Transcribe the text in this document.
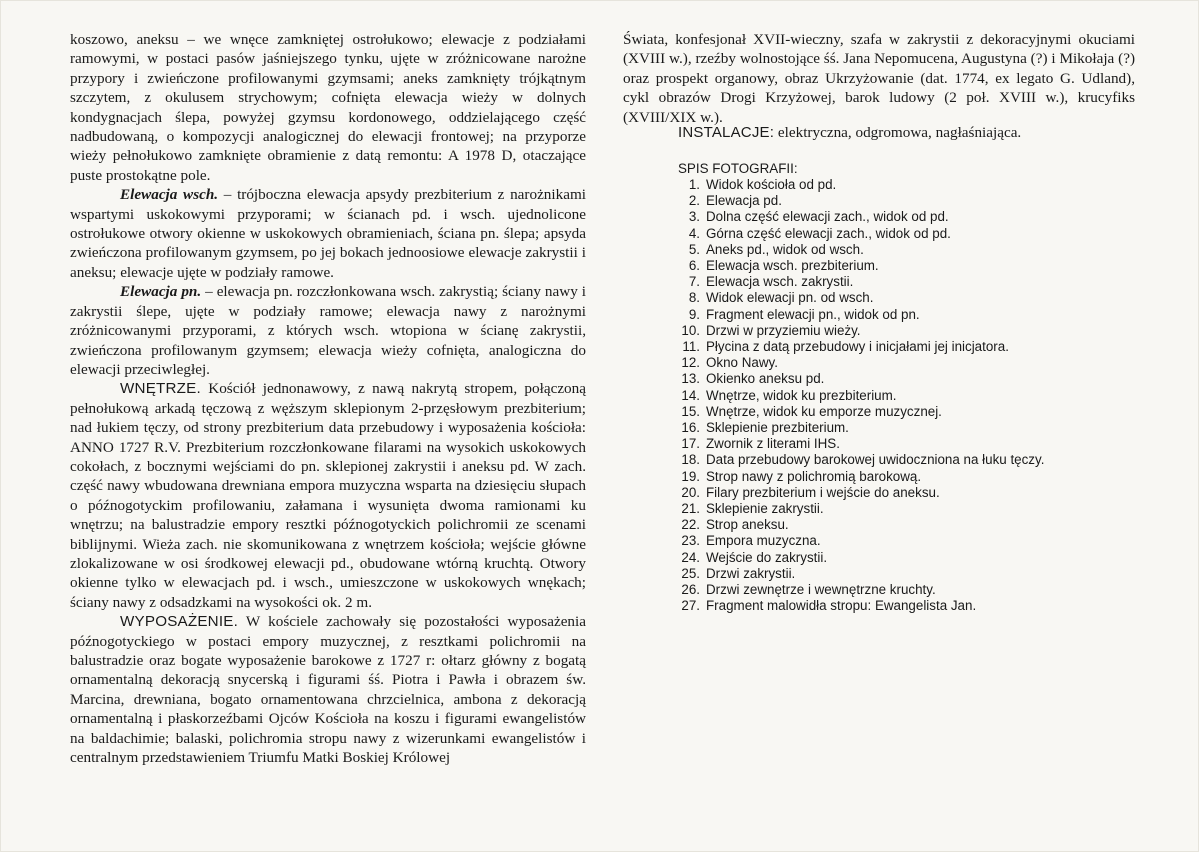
koszowo, aneksu – we wnęce zamkniętej ostrołukowo; elewacje z podziałami ramowymi, w postaci pasów jaśniejszego tynku, ujęte w zróżnicowane narożne przypory i zwieńczone profilowanymi gzymsami; aneks zamknięty trójkątnym szczytem, z okulusem strychowym; cofnięta elewacja wieży w dolnych kondygnacjach ślepa, powyżej gzymsu kordonowego, oddzielającego część nadbudowaną, o kompozycji analogicznej do elewacji frontowej; na przyporze wieży pełnołukowo zamknięte obramienie z datą remontu: A 1978 D, otaczające puste prostokątne pole.

Elewacja wsch. – trójboczna elewacja apsydy prezbiterium z narożnikami wspartymi uskokowymi przyporami; w ścianach pd. i wsch. ujednolicone ostrołukowe otwory okienne w uskokowych obramieniach, ściana pn. ślepa; apsyda zwieńczona profilowanym gzymsem, po jej bokach jednoosiowe elewacje zakrystii i aneksu; elewacje ujęte w podziały ramowe.

Elewacja pn. – elewacja pn. rozczłonkowana wsch. zakrystią; ściany nawy i zakrystii ślepe, ujęte w podziały ramowe; elewacja nawy z narożnymi zróżnicowanymi przyporami, z których wsch. wtopiona w ścianę zakrystii, zwieńczona profilowanym gzymsem; elewacja wieży cofnięta, analogiczna do elewacji przeciwległej.

WNĘTRZE. Kościół jednonawowy, z nawą nakrytą stropem, połączoną pełnołukową arkadą tęczową z węższym sklepionym 2-przęsłowym prezbiterium; nad łukiem tęczy, od strony prezbiterium data przebudowy i wyposażenia kościoła: ANNO 1727 R.V. Prezbiterium rozczłonkowane filarami na wysokich uskokowych cokołach, z bocznymi wejściami do pn. sklepionej zakrystii i aneksu pd. W zach. część nawy wbudowana drewniana empora muzyczna wsparta na dziesięciu słupach o późnogotyckim profilowaniu, załamana i wysunięta dwoma ramionami ku wnętrzu; na balustradzie empory resztki późnogotyckich polichromii ze scenami biblijnymi. Wieża zach. nie skomunikowana z wnętrzem kościoła; wejście główne zlokalizowane w osi środkowej elewacji pd., obudowane wtórną kruchtą. Otwory okienne tylko w elewacjach pd. i wsch., umieszczone w uskokowych wnękach; ściany nawy z odsadzkami na wysokości ok. 2 m.

WYPOSAŻENIE. W kościele zachowały się pozostałości wyposażenia późnogotyckiego w postaci empory muzycznej, z resztkami polichromii na balustradzie oraz bogate wyposażenie barokowe z 1727 r: ołtarz główny z bogatą ornamentalną dekoracją snycerską i figurami śś. Piotra i Pawła i obrazem św. Marcina, drewniana, bogato ornamentowana chrzcielnica, ambona z dekoracją ornamentalną i płaskorzeźbami Ojców Kościoła na koszu i figurami ewangelistów na baldachimie; balaski, polichromia stropu nawy z wizerunkami ewangelistów i centralnym przedstawieniem Triumfu Matki Boskiej Królowej

Świata, konfesjonał XVII-wieczny, szafa w zakrystii z dekoracyjnymi okuciami (XVIII w.), rzeźby wolnostojące śś. Jana Nepomucena, Augustyna (?) i Mikołaja (?) oraz prospekt organowy, obraz Ukrzyżowanie (dat. 1774, ex legato G. Udland), cykl obrazów Drogi Krzyżowej, barok ludowy (2 poł. XVIII w.), krucyfiks (XVIII/XIX w.).

INSTALACJE: elektryczna, odgromowa, nagłaśniająca.
SPIS FOTOGRAFII:
1. Widok kościoła od pd.
2. Elewacja pd.
3. Dolna część elewacji zach., widok od pd.
4. Górna część elewacji zach., widok od pd.
5. Aneks pd., widok od wsch.
6. Elewacja wsch. prezbiterium.
7. Elewacja wsch. zakrystii.
8. Widok elewacji pn. od wsch.
9. Fragment elewacji pn., widok od pn.
10. Drzwi w przyziemiu wieży.
11. Płycina z datą przebudowy i inicjałami jej inicjatora.
12. Okno Nawy.
13. Okienko aneksu pd.
14. Wnętrze, widok ku prezbiterium.
15. Wnętrze, widok ku emporze muzycznej.
16. Sklepienie prezbiterium.
17. Zwornik z literami IHS.
18. Data przebudowy barokowej uwidoczniona na łuku tęczy.
19. Strop nawy z polichromią barokową.
20. Filary prezbiterium i wejście do aneksu.
21. Sklepienie zakrystii.
22. Strop aneksu.
23. Empora muzyczna.
24. Wejście do zakrystii.
25. Drzwi zakrystii.
26. Drzwi zewnętrze i wewnętrzne kruchty.
27. Fragment malowidła stropu: Ewangelista Jan.
